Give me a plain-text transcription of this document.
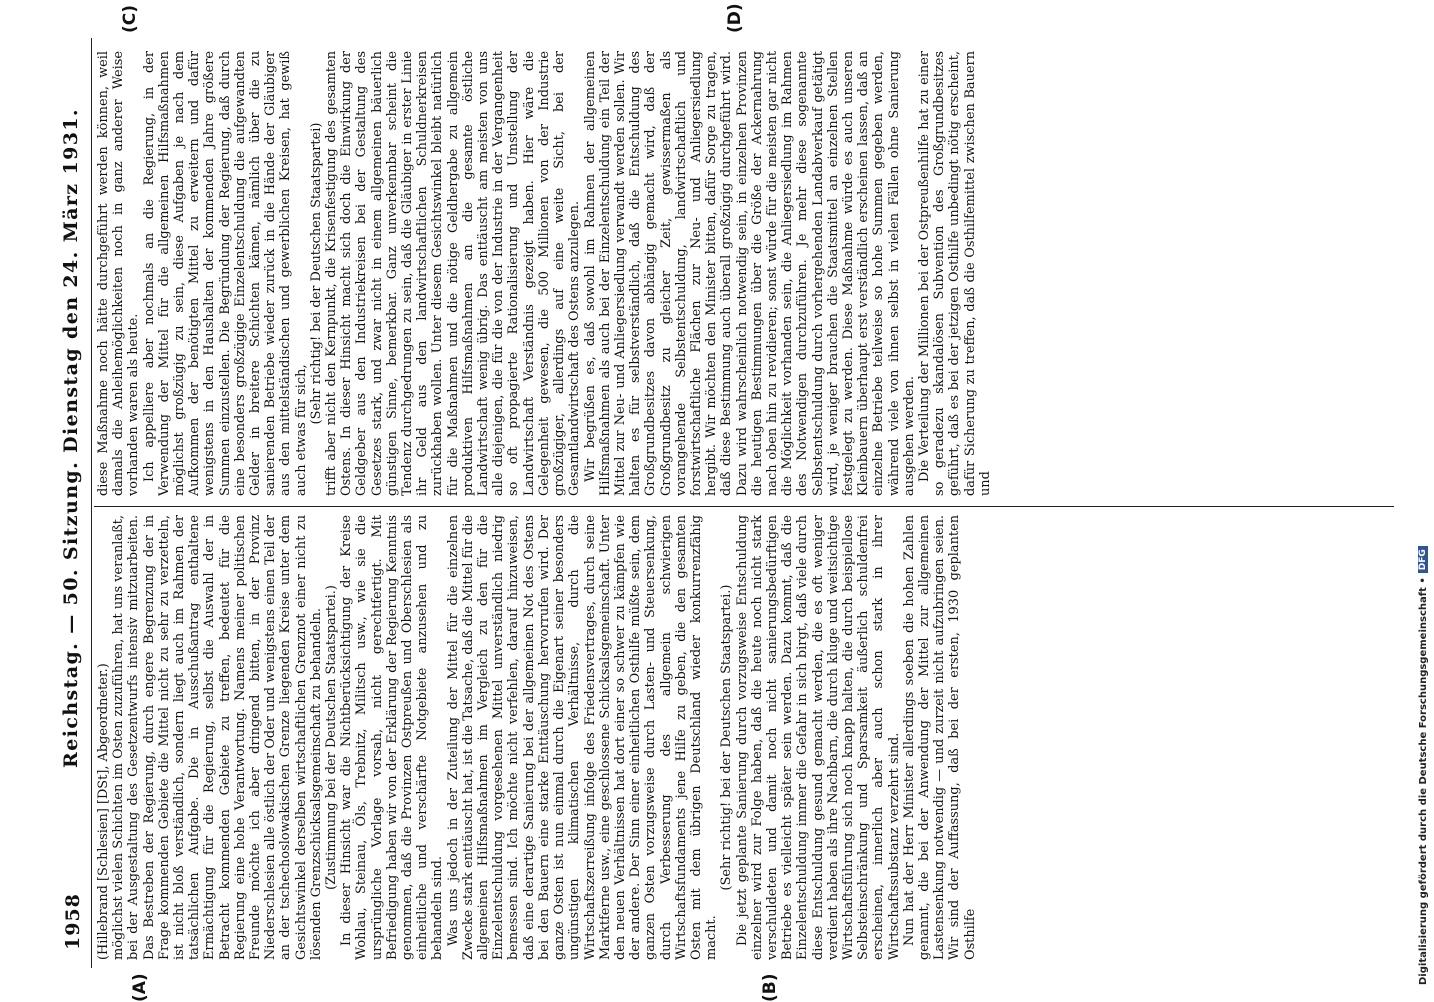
1958
Reichstag. — 50. Sitzung. Dienstag den 24. März 1931.

(Hillebrand [Schlesien] [DSt], Abgeordneter.) möglichst vielen Schichten im Osten zuzuführen, hat uns veranlaßt, bei der Ausgestaltung des Gesetzentwurfs intensiv mitzuarbeiten. Das Bestreben der Regierung, durch engere Begrenzung der in Frage kommenden Gebiete die Mittel nicht zu sehr zu verzetteln, ist nicht bloß verständlich, sondern liegt auch im Rahmen der tatsächlichen Aufgabe. Die in Ausschußantrag enthaltene Ermächtigung für die Regierung, selbst die Auswahl der in Betracht kommenden Gebiete zu treffen, bedeutet für die Regierung eine hohe Verantwortung. Namens meiner politischen Freunde möchte ich aber dringend bitten, in der Provinz Niederschlesien alle östlich der Oder und wenigstens einen Teil der an der tschechoslowakischen Grenze liegenden Kreise unter dem Gesichtswinkel derselben wirtschaftlichen Grenznot einer nicht zu lösenden Grenzschicksalsgemeinschaft zu behandeln. (Zustimmung bei der Deutschen Staatspartei.) In dieser Hinsicht war die Nichtberücksichtigung der Kreise Wohlau, Steinau, Öls, Trebnitz, Militsch usw., wie sie die ursprüngliche Vorlage vorsah, nicht gerechtfertigt. Mit Befriedigung haben wir von der Erklärung der Regierung Kenntnis genommen, daß die Provinzen Ostpreußen und Oberschlesien als einheitliche und verschärfte Notgebiete anzusehen und zu behandeln sind. Was uns jedoch in der Zuteilung der Mittel für die einzelnen Zwecke stark enttäuscht hat, ist die Tatsache, daß die Mittel für die allgemeinen Hilfsmaßnahmen im Vergleich zu den für die Einzelentschuldung vorgesehenen Mittel unverständlich niedrig bemessen sind. Ich möchte nicht verfehlen, darauf hinzuweisen, daß eine derartige Sanierung bei der allgemeinen Not des Ostens bei den Bauern eine starke Enttäuschung hervorrufen wird. Der ganze Osten ist nun einmal durch die Eigenart seiner besonders ungünstigen klimatischen Verhältnisse, durch die Wirtschaftszerreißung infolge des Friedensvertrages, durch seine Marktferne usw., eine geschlossene Schicksalsgemeinschaft. Unter den neuen Verhältnissen hat dort einer so schwer zu kämpfen wie der andere. Der Sinn einer einheitlichen Osthilfe müßte sein, dem ganzen Osten vorzugsweise durch Lasten- und Steuersenkung, durch Verbesserung des allgemein schwierigen Wirtschaftsfundaments jene Hilfe zu geben, die den gesamten Osten mit dem übrigen Deutschland wieder konkurrenzfähig macht.

(Sehr richtig! bei der Deutschen Staatspartei.) Die jetzt geplante Sanierung durch vorzugsweise Entschuldung einzelner wird zur Folge haben, daß die heute noch nicht stark verschuldeten und damit noch nicht sanierungsbedürftigen Betriebe es vielleicht später sein werden. Dazu kommt, daß die Einzelentschuldung immer die Gefahr in sich birgt, daß viele durch diese Entschuldung gesund gemacht werden, die es oft weniger verdient haben als ihre Nachbarn, die durch kluge und weitsichtige Wirtschaftsführung sich noch knapp halten, die durch beispiellose Selbsteinschränkung und Sparsamkeit äußerlich schuldenfrei erscheinen, innerlich aber auch schon stark in ihrer Wirtschaftssubstanz verzehrt sind. Nun hat der Herr Minister allerdings soeben die hohen Zahlen genannt, die bei der Anwendung der Mittel zur allgemeinen Lastensenkung notwendig — und zurzeit nicht aufzubringen seien. Wir sind der Auffassung, daß bei der ersten, 1930 geplanten Osthilfe

diese Maßnahme noch hätte durchgeführt werden können, weil damals die Anleihemöglichkeiten noch in ganz anderer Weise vorhanden waren als heute. Ich appelliere aber nochmals an die Regierung, in der Verwendung der Mittel für die allgemeinen Hilfsmaßnahmen möglichst großzügig zu sein, diese Aufgaben je nach dem Aufkommen der benötigten Mittel zu erweitern und dafür wenigstens in den Haushalten der kommenden Jahre größere Summen einzustellen. Die Begründung der Regierung, daß durch eine besonders großzügige Einzelentschuldung die aufgewandten Gelder in breitere Schichten kämen, nämlich über die zu sanierenden Betriebe wieder zurück in die Hände der Gläubiger aus den mittelständischen und gewerblichen Kreisen, hat gewiß auch etwas für sich,

(Sehr richtig! bei der Deutschen Staatspartei) trifft aber nicht den Kernpunkt, die Krisenfestigung des gesamten Ostens. In dieser Hinsicht macht sich doch die Einwirkung der Geldgeber aus den Industriekreisen bei der Gestaltung des Gesetzes stark, und zwar nicht in einem allgemeinen bäuerlich günstigen Sinne, bemerkbar. Ganz unverkennbar scheint die Tendenz durchgedrungen zu sein, daß die Gläubiger in erster Linie ihr Geld aus den landwirtschaftlichen Schuldnerkreisen zurückhaben wollen. Unter diesem Gesichtswinkel bleibt natürlich für die Maßnahmen und die nötige Geldhergabe zu allgemein produktiven Hilfsmaßnahmen an die gesamte östliche Landwirtschaft wenig übrig. Das enttäuscht am meisten von uns alle diejenigen, die für die von der Industrie in der Vergangenheit so oft propagierte Rationalisierung und Umstellung der Landwirtschaft Verständnis gezeigt haben. Hier wäre die Gelegenheit gewesen, die 500 Millionen von der Industrie großzügiger, allerdings auf eine weite Sicht, bei der Gesamtlandwirtschaft des Ostens anzulegen. Wir begrüßen es, daß sowohl im Rahmen der allgemeinen Hilfsmaßnahmen als auch bei der Einzelentschuldung ein Teil der Mittel zur Neu- und Anliegersiedlung verwandt werden sollen. Wir halten es für selbstverständlich, daß die Entschuldung des Großgrundbesitzes davon abhängig gemacht wird, daß der Großgrundbesitz zu gleicher Zeit, gewissermaßen als vorangehende Selbstentschuldung, landwirtschaftlich und forstwirtschaftliche Flächen zur Neu- und Anliegersiedlung hergibt. Wir möchten den Minister bitten, dafür Sorge zu tragen, daß diese Bestimmung auch überall großzügig durchgeführt wird. Dazu wird wahrscheinlich notwendig sein, in einzelnen Provinzen die heutigen Bestimmungen über die Größe der Ackernahrung nach oben hin zu revidieren; sonst würde für die meisten gar nicht die Möglichkeit vorhanden sein, die Anliegersiedlung im Rahmen des Notwendigen durchzuführen. Je mehr diese sogenannte Selbstentschuldung durch vorhergehenden Landabverkauf getätigt wird, je weniger brauchen die Staatsmittel an einzelnen Stellen festgelegt zu werden. Diese Maßnahme würde es auch unseren Kleinbauern überhaupt erst verständlich erscheinen lassen, daß an einzelne Betriebe teilweise so hohe Summen gegeben werden, während viele von ihnen selbst in vielen Fällen ohne Sanierung ausgehen werden. Die Verteilung der Millionen bei der Ostpreußenhilfe hat zu einer so geradezu skandalösen Subvention des Großgrundbesitzes geführt, daß es bei der jetzigen Osthilfe unbedingt nötig erscheint, dafür Sicherung zu treffen, daß die Osthilfemittel zwischen Bauern und

(A)	(B)
(C)	(D)
Digitalisierung gefördert durch die Deutsche Forschungsgemeinschaft •
DFG
